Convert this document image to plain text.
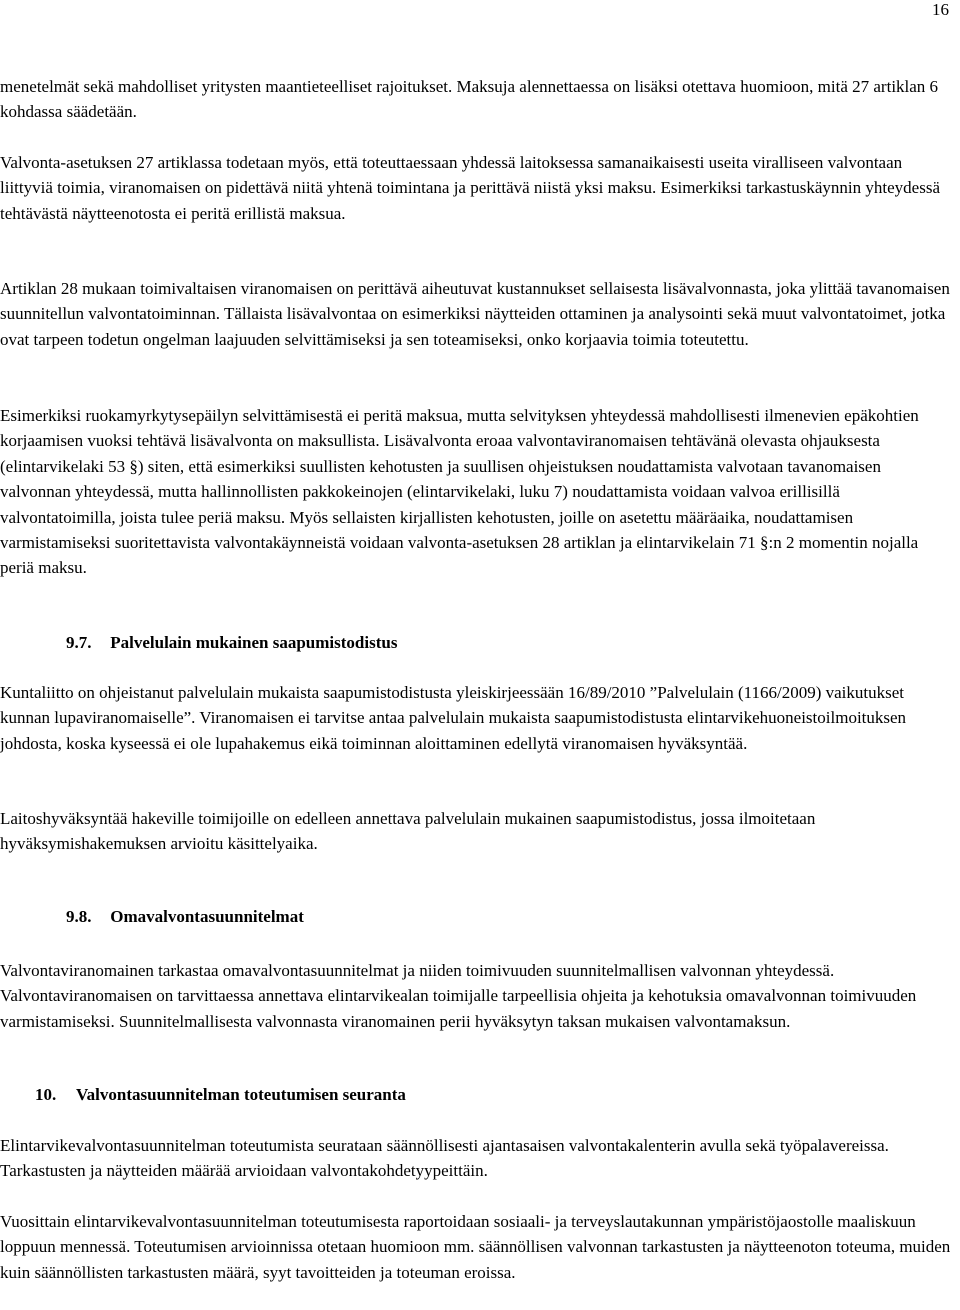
16

menetelmät sekä mahdolliset yritysten maantieteelliset rajoitukset. Maksuja alennettaessa on lisäksi otettava huomioon, mitä 27 artiklan 6 kohdassa säädetään.

Valvonta-asetuksen 27 artiklassa todetaan myös, että toteuttaessaan yhdessä laitoksessa samanaikaisesti useita viralliseen valvontaan liittyviä toimia, viranomaisen on pidettävä niitä yhtenä toimintana ja perittävä niistä yksi maksu. Esimerkiksi tarkastuskäynnin yhteydessä tehtävästä näytteenotosta ei peritä erillistä maksua.

Artiklan 28 mukaan toimivaltaisen viranomaisen on perittävä aiheutuvat kustannukset sellaisesta lisävalvonnasta, joka ylittää tavanomaisen suunnitellun valvontatoiminnan. Tällaista lisävalvontaa on esimerkiksi näytteiden ottaminen ja analysointi sekä muut valvontatoimet, jotka ovat tarpeen todetun ongelman laajuuden selvittämiseksi ja sen toteamiseksi, onko korjaavia toimia toteutettu.

Esimerkiksi ruokamyrkytysepäilyn selvittämisestä ei peritä maksua, mutta selvityksen yhteydessä mahdollisesti ilmenevien epäkohtien korjaamisen vuoksi tehtävä lisävalvonta on maksullista. Lisävalvonta eroaa valvontaviranomaisen tehtävänä olevasta ohjauksesta (elintarvikelaki 53 §) siten, että esimerkiksi suullisten kehotusten ja suullisen ohjeistuksen noudattamista valvotaan tavanomaisen valvonnan yhteydessä, mutta hallinnollisten pakkokeinojen (elintarvikelaki, luku 7) noudattamista voidaan valvoa erillisillä valvontatoimilla, joista tulee periä maksu. Myös sellaisten kirjallisten kehotusten, joille on asetettu määräaika, noudattamisen varmistamiseksi suoritettavista valvontakäynneistä voidaan valvonta-asetuksen 28 artiklan ja elintarvikelain 71 §:n 2 momentin nojalla periä maksu.

9.7. Palvelulain mukainen saapumistodistus

Kuntaliitto on ohjeistanut palvelulain mukaista saapumistodistusta yleiskirjeessään 16/89/2010 ”Palvelulain (1166/2009) vaikutukset kunnan lupaviranomaiselle”. Viranomaisen ei tarvitse antaa palvelulain mukaista saapumistodistusta elintarvikehuoneistoilmoituksen johdosta, koska kyseessä ei ole lupahakemus eikä toiminnan aloittaminen edellytä viranomaisen hyväksyntää.

Laitoshyväksyntää hakeville toimijoille on edelleen annettava palvelulain mukainen saapumistodistus, jossa ilmoitetaan hyväksymishakemuksen arvioitu käsittelyaika.

9.8. Omavalvontasuunnitelmat

Valvontaviranomainen tarkastaa omavalvontasuunnitelmat ja niiden toimivuuden suunnitelmallisen valvonnan yhteydessä. Valvontaviranomaisen on tarvittaessa annettava elintarvikealan toimijalle tarpeellisia ohjeita ja kehotuksia omavalvonnan toimivuuden varmistamiseksi. Suunnitelmallisesta valvonnasta viranomainen perii hyväksytyn taksan mukaisen valvontamaksun.

10. Valvontasuunnitelman toteutumisen seuranta

Elintarvikevalvontasuunnitelman toteutumista seurataan säännöllisesti ajantasaisen valvontakalenterin avulla sekä työpalavereissa. Tarkastusten ja näytteiden määrää arvioidaan valvontakohdetyypeittäin.

Vuosittain elintarvikevalvontasuunnitelman toteutumisesta raportoidaan sosiaali- ja terveyslautakunnan ympäristöjaostolle maaliskuun loppuun mennessä. Toteutumisen arvioinnissa otetaan huomioon mm. säännöllisen valvonnan tarkastusten ja näytteenoton toteuma, muiden kuin säännöllisten tarkastusten määrä, syyt tavoitteiden ja toteuman eroissa.
